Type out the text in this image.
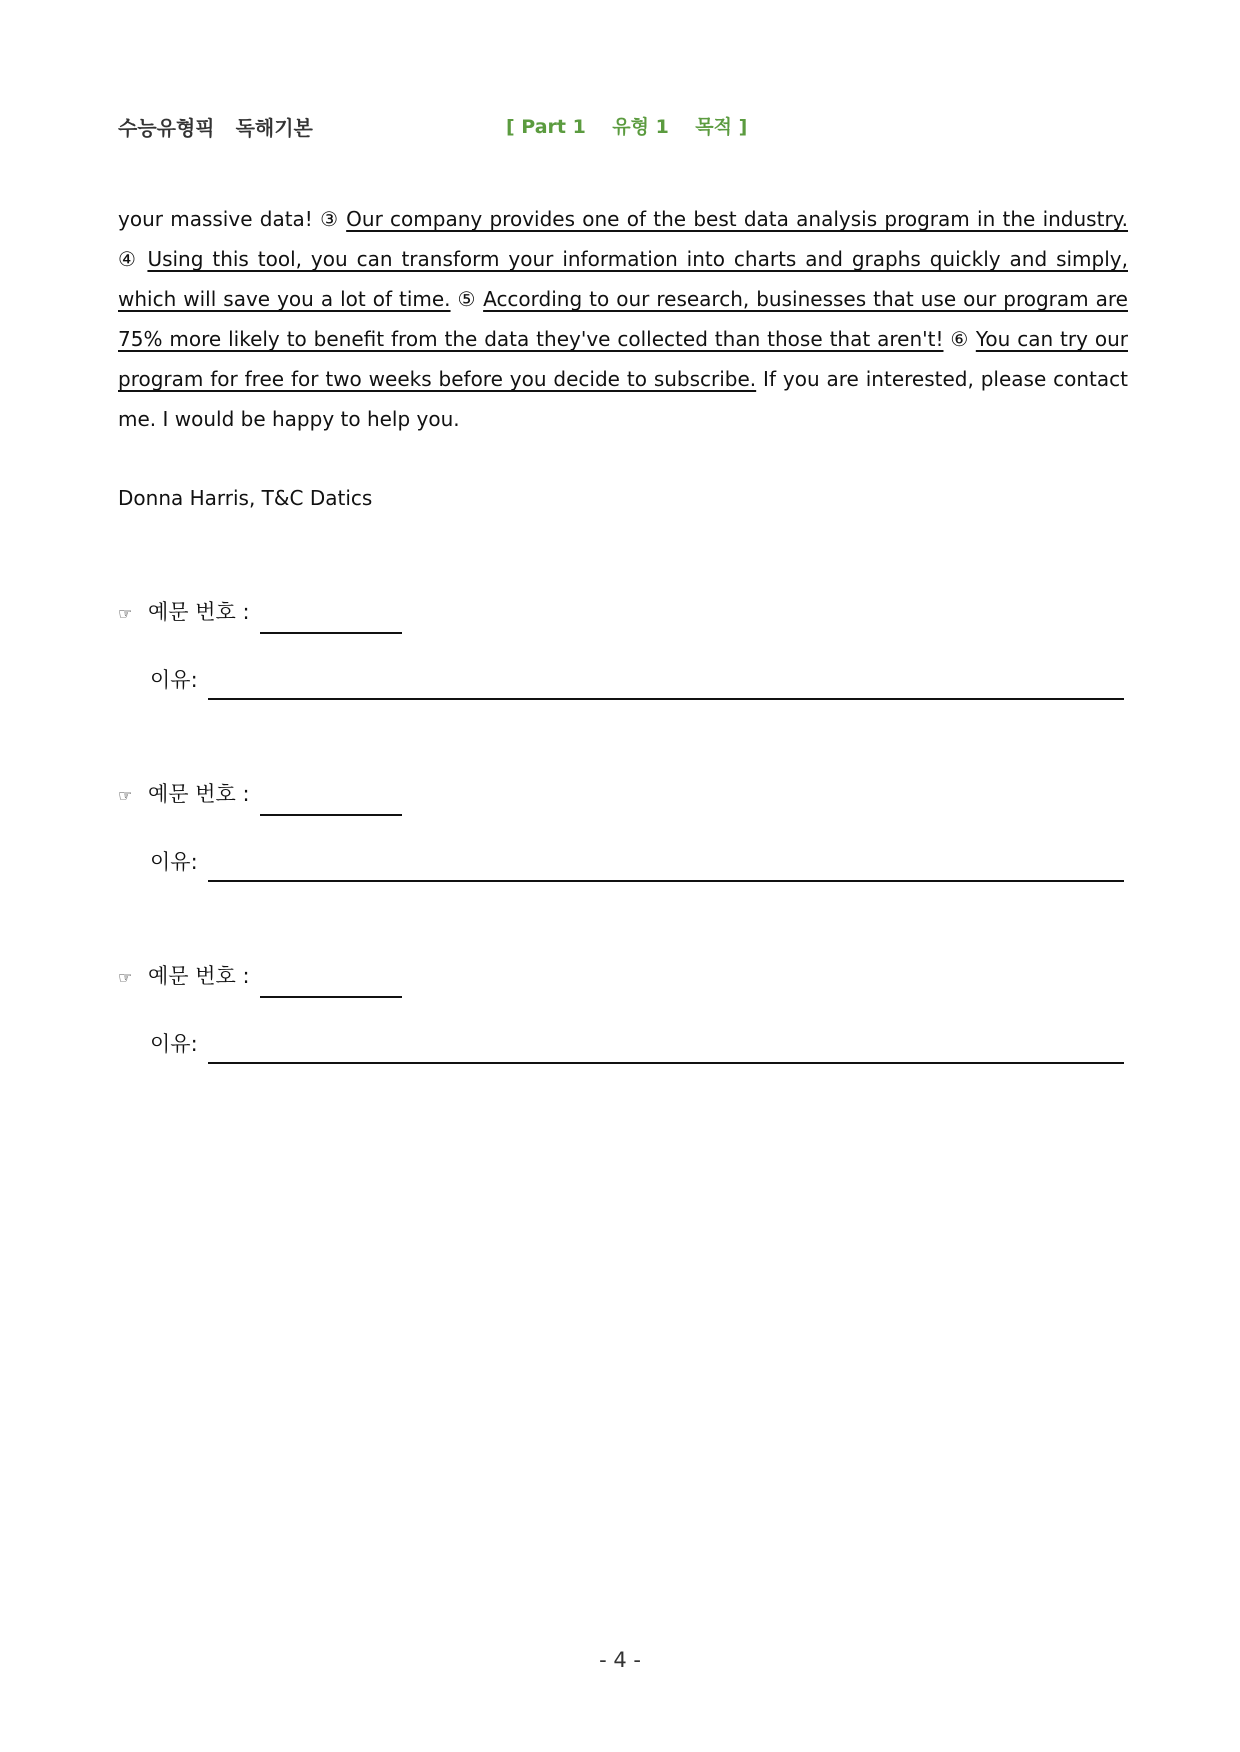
수능유형픽 독해기본	[ Part 1    유형 1    목적 ]
your massive data! ③ Our company provides one of the best data analysis program in the industry. ④ Using this tool, you can transform your information into charts and graphs quickly and simply, which will save you a lot of time. ⑤ According to our research, businesses that use our program are 75% more likely to benefit from the data they've collected than those that aren't! ⑥ You can try our program for free for two weeks before you decide to subscribe. If you are interested, please contact me. I would be happy to help you.
Donna Harris, T&C Datics
☞ 예문 번호 :
이유:
☞ 예문 번호 :
이유:
☞ 예문 번호 :
이유:
- 4 -
